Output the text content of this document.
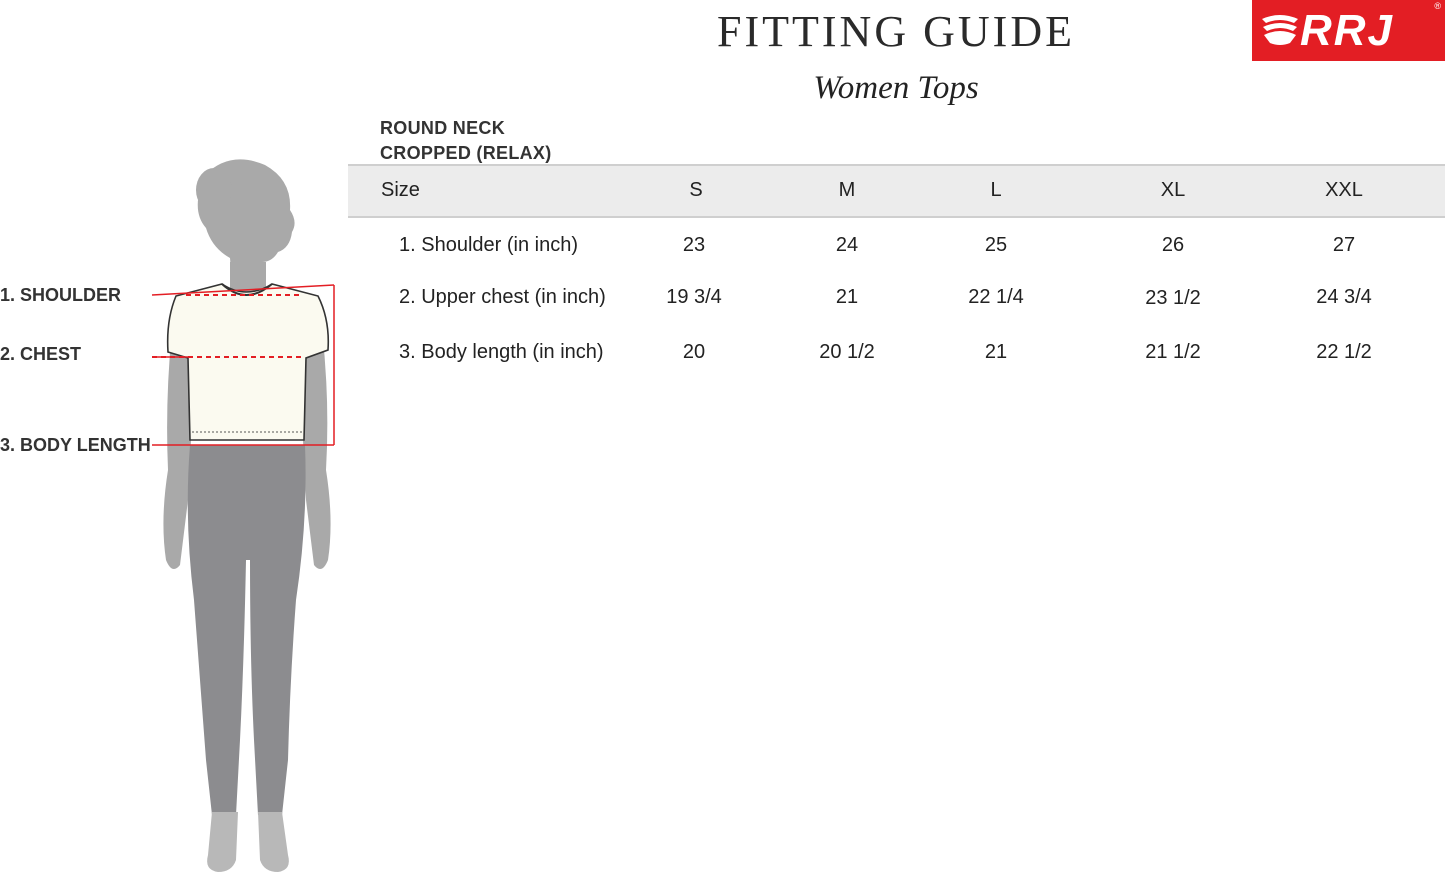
FITTING GUIDE
Women Tops
RRJ	®
ROUND NECK
CROPPED (RELAX)
Size	S	M	L	XL	XXL
1. Shoulder (in inch)	23	24	25	26	27
2. Upper chest (in inch)	19 3/4	21	22 1/4	23 1/2	24 3/4
3. Body length (in inch)	20	20 1/2	21	21 1/2	22 1/2
1. SHOULDER
2. CHEST
3. BODY LENGTH
